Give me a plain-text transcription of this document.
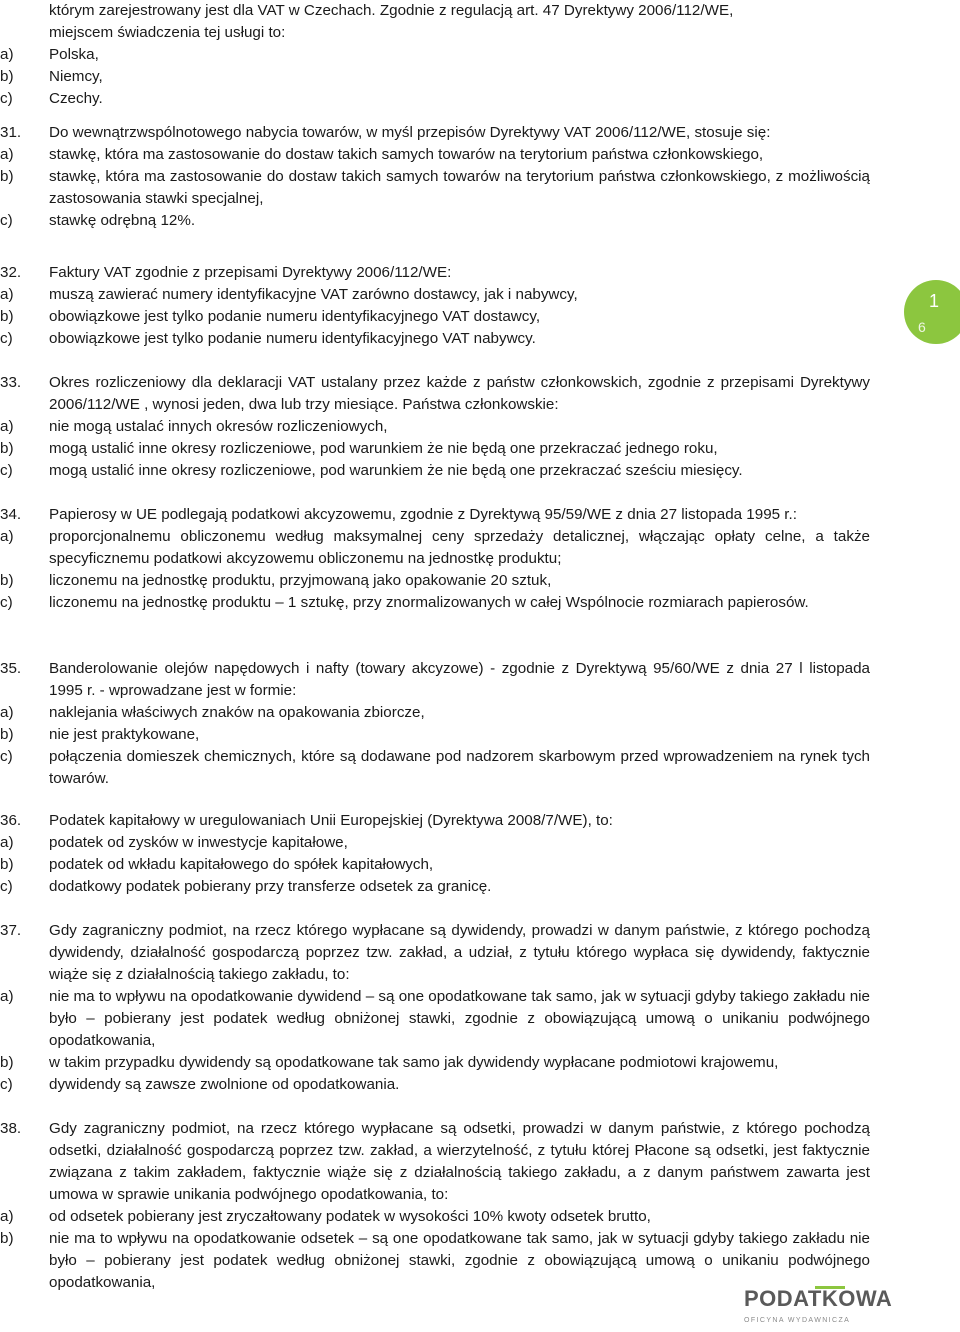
którym zarejestrowany jest dla VAT w Czechach. Zgodnie z regulacją art. 47 Dyrektywy 2006/112/WE,
miejscem świadczenia tej usługi to:
a)	Polska,
b)	Niemcy,
c)	Czechy.
31.	Do wewnątrzwspólnotowego nabycia towarów, w myśl przepisów Dyrektywy VAT 2006/112/WE, stosuje się:
a)	stawkę, która ma zastosowanie do dostaw takich samych towarów na terytorium państwa członkowskiego,
b)	stawkę, która ma zastosowanie do dostaw takich samych towarów na terytorium państwa członkowskiego, z możliwością zastosowania stawki specjalnej,
c)	stawkę odrębną 12%.
32.	Faktury VAT zgodnie z przepisami Dyrektywy 2006/112/WE:
a)	muszą zawierać numery identyfikacyjne VAT zarówno dostawcy, jak i nabywcy,
b)	obowiązkowe jest tylko podanie numeru identyfikacyjnego VAT dostawcy,
c)	obowiązkowe jest tylko podanie numeru identyfikacyjnego VAT nabywcy.
33.	Okres rozliczeniowy dla deklaracji VAT ustalany przez każde z państw członkowskich, zgodnie z przepisami Dyrektywy 2006/112/WE , wynosi jeden, dwa lub trzy miesiące. Państwa członkowskie:
a)	nie mogą ustalać innych okresów rozliczeniowych,
b)	mogą ustalić inne okresy rozliczeniowe, pod warunkiem że nie będą one przekraczać jednego roku,
c)	mogą ustalić inne okresy rozliczeniowe, pod warunkiem że nie będą one przekraczać sześciu miesięcy.
34.	Papierosy w UE podlegają podatkowi akcyzowemu, zgodnie z Dyrektywą 95/59/WE z dnia 27 listopada 1995 r.:
a)	proporcjonalnemu obliczonemu według maksymalnej ceny sprzedaży detalicznej, włączając opłaty celne, a także specyficznemu podatkowi akcyzowemu obliczonemu na jednostkę produktu;
b)	liczonemu na jednostkę produktu, przyjmowaną jako opakowanie 20 sztuk,
c)	liczonemu na jednostkę produktu – 1 sztukę, przy znormalizowanych w całej Wspólnocie rozmiarach papierosów.
35.	Banderolowanie olejów napędowych i nafty (towary akcyzowe) - zgodnie z Dyrektywą 95/60/WE z dnia 27 l listopada 1995 r. - wprowadzane jest w formie:
a)	naklejania właściwych znaków na opakowania zbiorcze,
b)	nie jest praktykowane,
c)	połączenia domieszek chemicznych, które są dodawane pod nadzorem skarbowym przed wprowadzeniem na rynek tych towarów.
36.	Podatek kapitałowy w uregulowaniach Unii Europejskiej (Dyrektywa 2008/7/WE), to:
a)	podatek od zysków w inwestycje kapitałowe,
b)	podatek od wkładu kapitałowego do spółek kapitałowych,
c)	dodatkowy podatek pobierany przy transferze odsetek za granicę.
37.	Gdy zagraniczny podmiot, na rzecz którego wypłacane są dywidendy, prowadzi w danym państwie, z którego pochodzą dywidendy, działalność gospodarczą poprzez tzw. zakład, a udział, z tytułu którego wypłaca się dywidendy, faktycznie wiąże się z działalnością takiego zakładu, to:
a)	nie ma to wpływu na opodatkowanie dywidend – są one opodatkowane tak samo, jak w sytuacji gdyby takiego zakładu nie było – pobierany jest podatek według obniżonej stawki, zgodnie z obowiązującą umową o unikaniu podwójnego opodatkowania,
b)	w takim przypadku dywidendy są opodatkowane tak samo jak dywidendy wypłacane podmiotowi krajowemu,
c)	dywidendy są zawsze zwolnione od opodatkowania.
38.	Gdy zagraniczny podmiot, na rzecz którego wypłacane są odsetki, prowadzi w danym państwie, z którego pochodzą odsetki, działalność gospodarczą poprzez tzw. zakład, a wierzytelność, z tytułu której Płacone są odsetki, jest faktycznie związana z takim zakładem, faktycznie wiąże się z działalnością takiego zakładu, a z danym państwem zawarta jest umowa w sprawie unikania podwójnego opodatkowania, to:
a)	od odsetek pobierany jest zryczałtowany podatek w wysokości 10% kwoty odsetek brutto,
b)	nie ma to wpływu na opodatkowanie odsetek – są one opodatkowane tak samo, jak w sytuacji gdyby takiego zakładu nie było – pobierany jest podatek według obniżonej stawki, zgodnie z obowiązującą umową o unikaniu podwójnego opodatkowania,
1
6
PODATKOWA
OFICYNA WYDAWNICZA
